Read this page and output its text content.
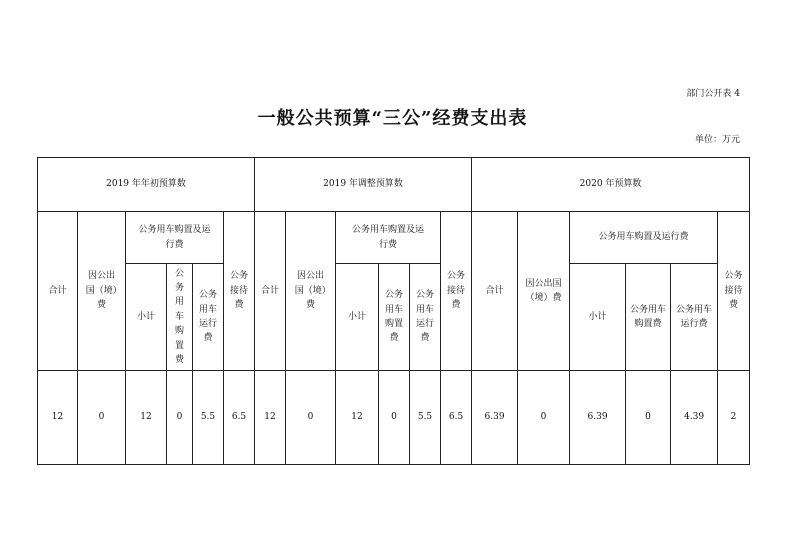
部门公开表 4
一般公共预算“三公”经费支出表
单位：万元
2019 年年初预算数						2019 年调整预算数						2020 年预算数					
合计	因公出国（境）费	公务用车购置及运行费			公务接待费	合计	因公出国（境）费	公务用车购置及运行费			公务接待费	合计	因公出国（境）费	公务用车购置及运行费			公务接待费
		小计	公务用车购置费	公务用车运行费				小计	公务用车购置费	公务用车运行费				小计	公务用车购置费	公务用车运行费	
12	0	12	0	5.5	6.5	12	0	12	0	5.5	6.5	6.39	0	6.39	0	4.39	2
